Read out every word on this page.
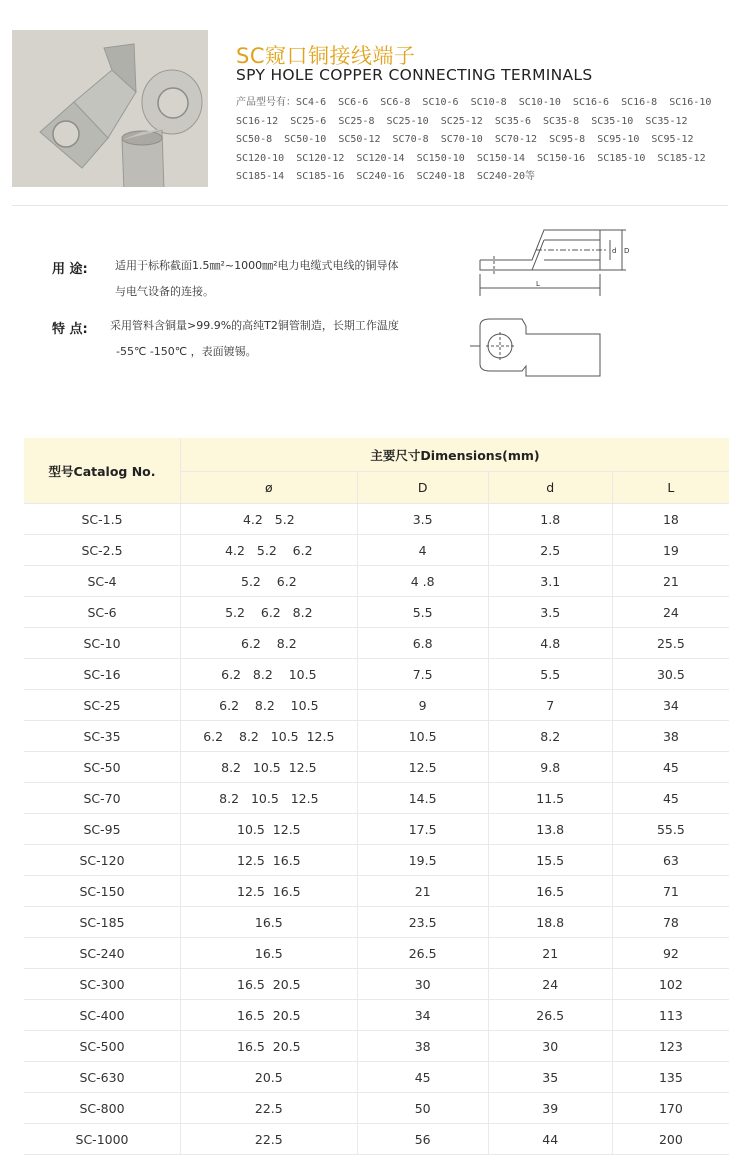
SC窥口铜接线端子
SPY HOLE COPPER CONNECTING TERMINALS
产品型号有：SC4-6 SC6-6 SC6-8 SC10-6 SC10-8 SC10-10 SC16-6 SC16-8 SC16-10 SC16-12 SC25-6 SC25-8 SC25-10 SC25-12 SC35-6 SC35-8 SC35-10 SC35-12 SC50-8 SC50-10 SC50-12 SC70-8 SC70-10 SC70-12 SC95-8 SC95-10 SC95-12 SC120-10 SC120-12 SC120-14 SC150-10 SC150-14 SC150-16 SC185-10 SC185-12 SC185-14 SC185-16 SC240-16 SC240-18 SC240-20等
用 途: 适用于标称截面1.5㎜²~1000㎜²电力电缆式电线的铜导体
与电气设备的连接。
特 点: 采用管料含铜量>99.9%的高纯T2铜管制造，长期工作温度
-55℃ -150℃ ，表面镀锡。
d D
L
型号Catalog No.	主要尺寸Dimensions(mm)			
	ø	D	d	L
SC-1.5	4.2   5.2	3.5	1.8	18
SC-2.5	4.2   5.2    6.2	4	2.5	19
SC-4	5.2    6.2	4 .8	3.1	21
SC-6	5.2    6.2   8.2	5.5	3.5	24
SC-10	6.2    8.2	6.8	4.8	25.5
SC-16	6.2   8.2    10.5	7.5	5.5	30.5
SC-25	6.2    8.2    10.5	9	7	34
SC-35	6.2    8.2   10.5  12.5	10.5	8.2	38
SC-50	8.2   10.5  12.5	12.5	9.8	45
SC-70	8.2   10.5   12.5	14.5	11.5	45
SC-95	10.5  12.5	17.5	13.8	55.5
SC-120	12.5  16.5	19.5	15.5	63
SC-150	12.5  16.5	21	16.5	71
SC-185	16.5	23.5	18.8	78
SC-240	16.5	26.5	21	92
SC-300	16.5  20.5	30	24	102
SC-400	16.5  20.5	34	26.5	113
SC-500	16.5  20.5	38	30	123
SC-630	20.5	45	35	135
SC-800	22.5	50	39	170
SC-1000	22.5	56	44	200
